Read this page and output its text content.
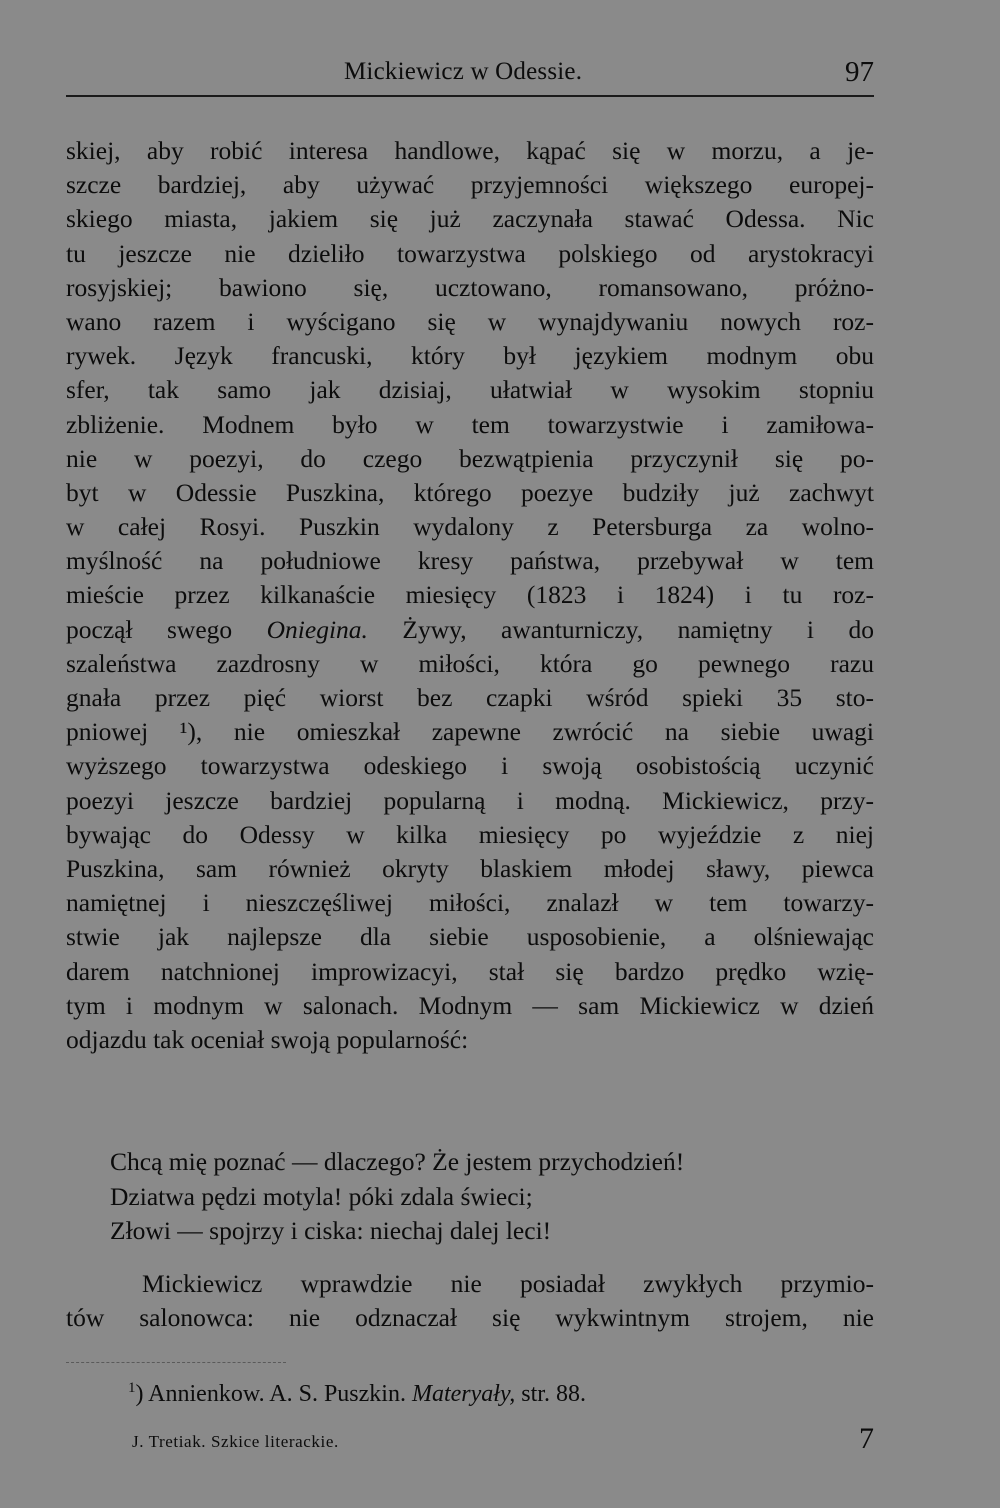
Mickiewicz w Odessie.	97
skiej, aby robić interesa handlowe, kąpać się w morzu, a je-
szcze bardziej, aby używać przyjemności większego europej-
skiego miasta, jakiem się już zaczynała stawać Odessa. Nic
tu jeszcze nie dzieliło towarzystwa polskiego od arystokracyi
rosyjskiej; bawiono się, ucztowano, romansowano, próżno-
wano razem i wyścigano się w wynajdywaniu nowych roz-
rywek. Język francuski, który był językiem modnym obu
sfer, tak samo jak dzisiaj, ułatwiał w wysokim stopniu
zbliżenie. Modnem było w tem towarzystwie i zamiłowa-
nie w poezyi, do czego bezwątpienia przyczynił się po-
byt w Odessie Puszkina, którego poezye budziły już zachwyt
w całej Rosyi. Puszkin wydalony z Petersburga za wolno-
myślność na południowe kresy państwa, przebywał w tem
mieście przez kilkanaście miesięcy (1823 i 1824) i tu roz-
począł swego Oniegina. Żywy, awanturniczy, namiętny i do
szaleństwa zazdrosny w miłości, która go pewnego razu
gnała przez pięć wiorst bez czapki wśród spieki 35 sto-
pniowej ¹), nie omieszkał zapewne zwrócić na siebie uwagi
wyższego towarzystwa odeskiego i swoją osobistością uczynić
poezyi jeszcze bardziej popularną i modną. Mickiewicz, przy-
bywając do Odessy w kilka miesięcy po wyjeździe z niej
Puszkina, sam również okryty blaskiem młodej sławy, piewca
namiętnej i nieszczęśliwej miłości, znalazł w tem towarzy-
stwie jak najlepsze dla siebie usposobienie, a olśniewając
darem natchnionej improwizacyi, stał się bardzo prędko wzię-
tym i modnym w salonach. Modnym — sam Mickiewicz w dzień
odjazdu tak oceniał swoją popularność:
Chcą mię poznać — dlaczego? Że jestem przychodzień!
Dziatwa pędzi motyla! póki zdala świeci;
Złowi — spojrzy i ciska: niechaj dalej leci!
Mickiewicz wprawdzie nie posiadał zwykłych przymio-
tów salonowca: nie odznaczał się wykwintnym strojem, nie
$^1$) Annienkow. A. S. Puszkin. Materyały, str. 88.
J. Tretiak. Szkice literackie.	7
